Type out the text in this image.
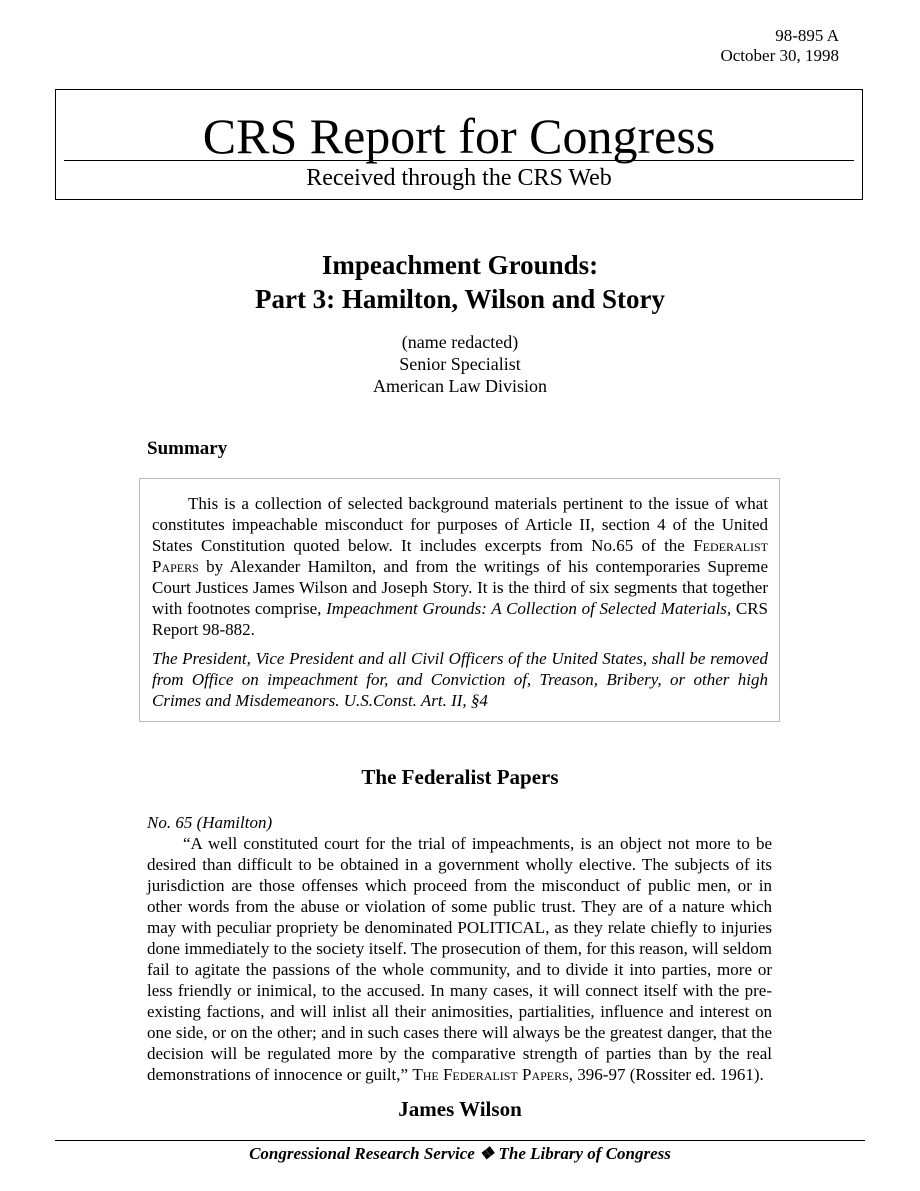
98-895 A
October 30, 1998
CRS Report for Congress
Received through the CRS Web
Impeachment Grounds:
Part 3: Hamilton, Wilson and Story
(name redacted)
Senior Specialist
American Law Division
Summary

This is a collection of selected background materials pertinent to the issue of what constitutes impeachable misconduct for purposes of Article II, section 4 of the United States Constitution quoted below. It includes excerpts from No.65 of the Federalist Papers by Alexander Hamilton, and from the writings of his contemporaries Supreme Court Justices James Wilson and Joseph Story. It is the third of six segments that together with footnotes comprise, Impeachment Grounds: A Collection of Selected Materials, CRS Report 98-882.

The President, Vice President and all Civil Officers of the United States, shall be removed from Office on impeachment for, and Conviction of, Treason, Bribery, or other high Crimes and Misdemeanors. U.S.Const. Art. II, §4

The Federalist Papers
No. 65 (Hamilton)

“A well constituted court for the trial of impeachments, is an object not more to be desired than difficult to be obtained in a government wholly elective. The subjects of its jurisdiction are those offenses which proceed from the misconduct of public men, or in other words from the abuse or violation of some public trust. They are of a nature which may with peculiar propriety be denominated POLITICAL, as they relate chiefly to injuries done immediately to the society itself. The prosecution of them, for this reason, will seldom fail to agitate the passions of the whole community, and to divide it into parties, more or less friendly or inimical, to the accused. In many cases, it will connect itself with the pre-existing factions, and will inlist all their animosities, partialities, influence and interest on one side, or on the other; and in such cases there will always be the greatest danger, that the decision will be regulated more by the comparative strength of parties than by the real demonstrations of innocence or guilt,” The Federalist Papers, 396-97 (Rossiter ed. 1961).

James Wilson
Congressional Research Service ❖ The Library of Congress
